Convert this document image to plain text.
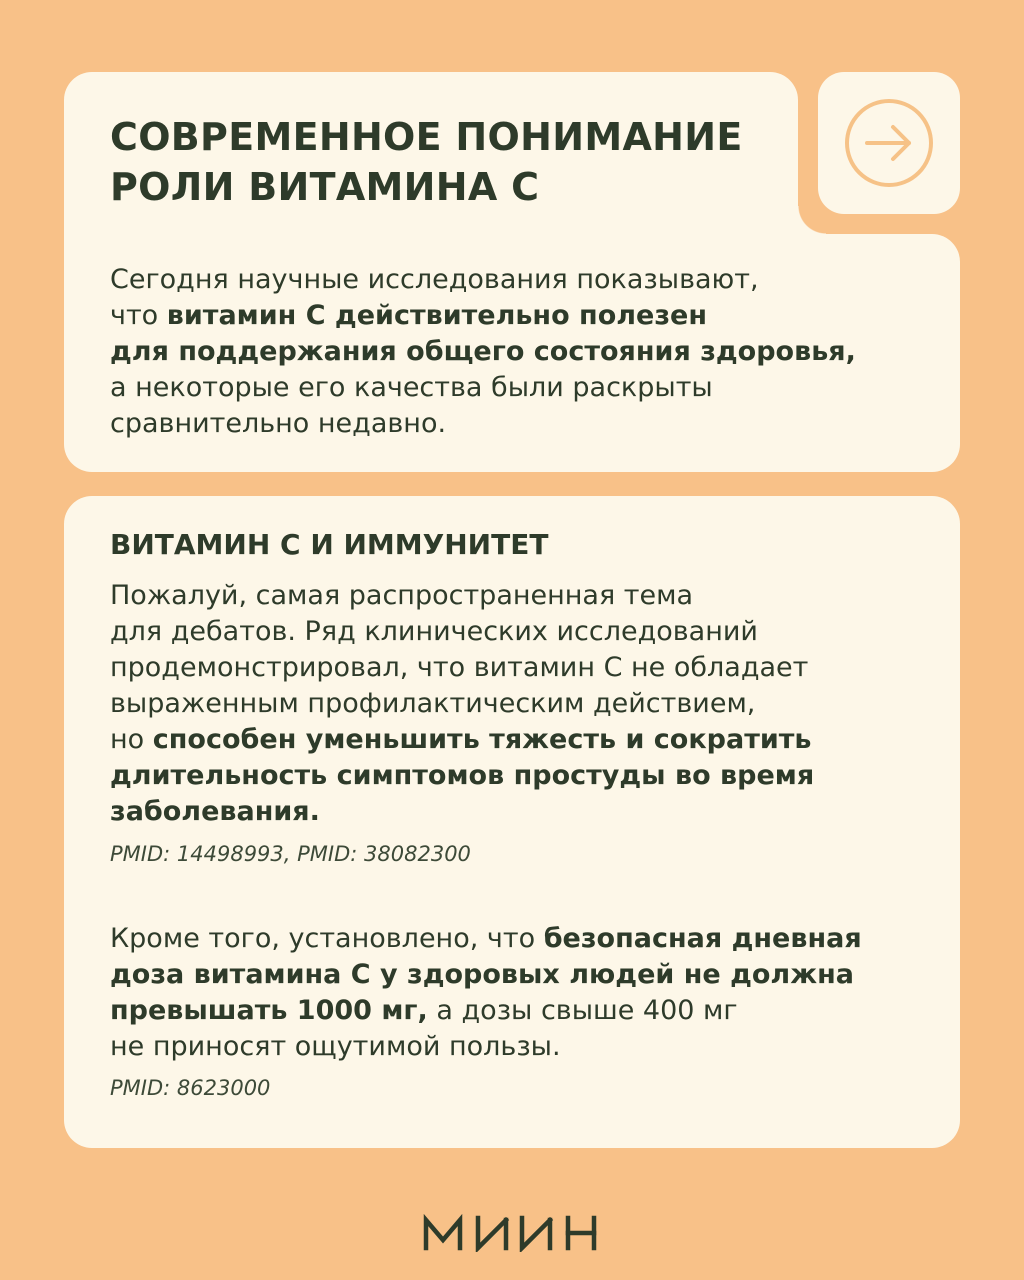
СОВРЕМЕННОЕ ПОНИМАНИЕ
РОЛИ ВИТАМИНА С

Сегодня научные исследования показывают,
что витамин С действительно полезен
для поддержания общего состояния здоровья,
а некоторые его качества были раскрыты
сравнительно недавно.

ВИТАМИН С И ИММУНИТЕТ

Пожалуй, самая распространенная тема
для дебатов. Ряд клинических исследований
продемонстрировал, что витамин С не обладает
выраженным профилактическим действием,
но способен уменьшить тяжесть и сократить
длительность симптомов простуды во время
заболевания.

PMID: 14498993, PMID: 38082300

Кроме того, установлено, что безопасная дневная
доза витамина С у здоровых людей не должна
превышать 1000 мг, а дозы свыше 400 мг
не приносят ощутимой пользы.

PMID: 8623000
